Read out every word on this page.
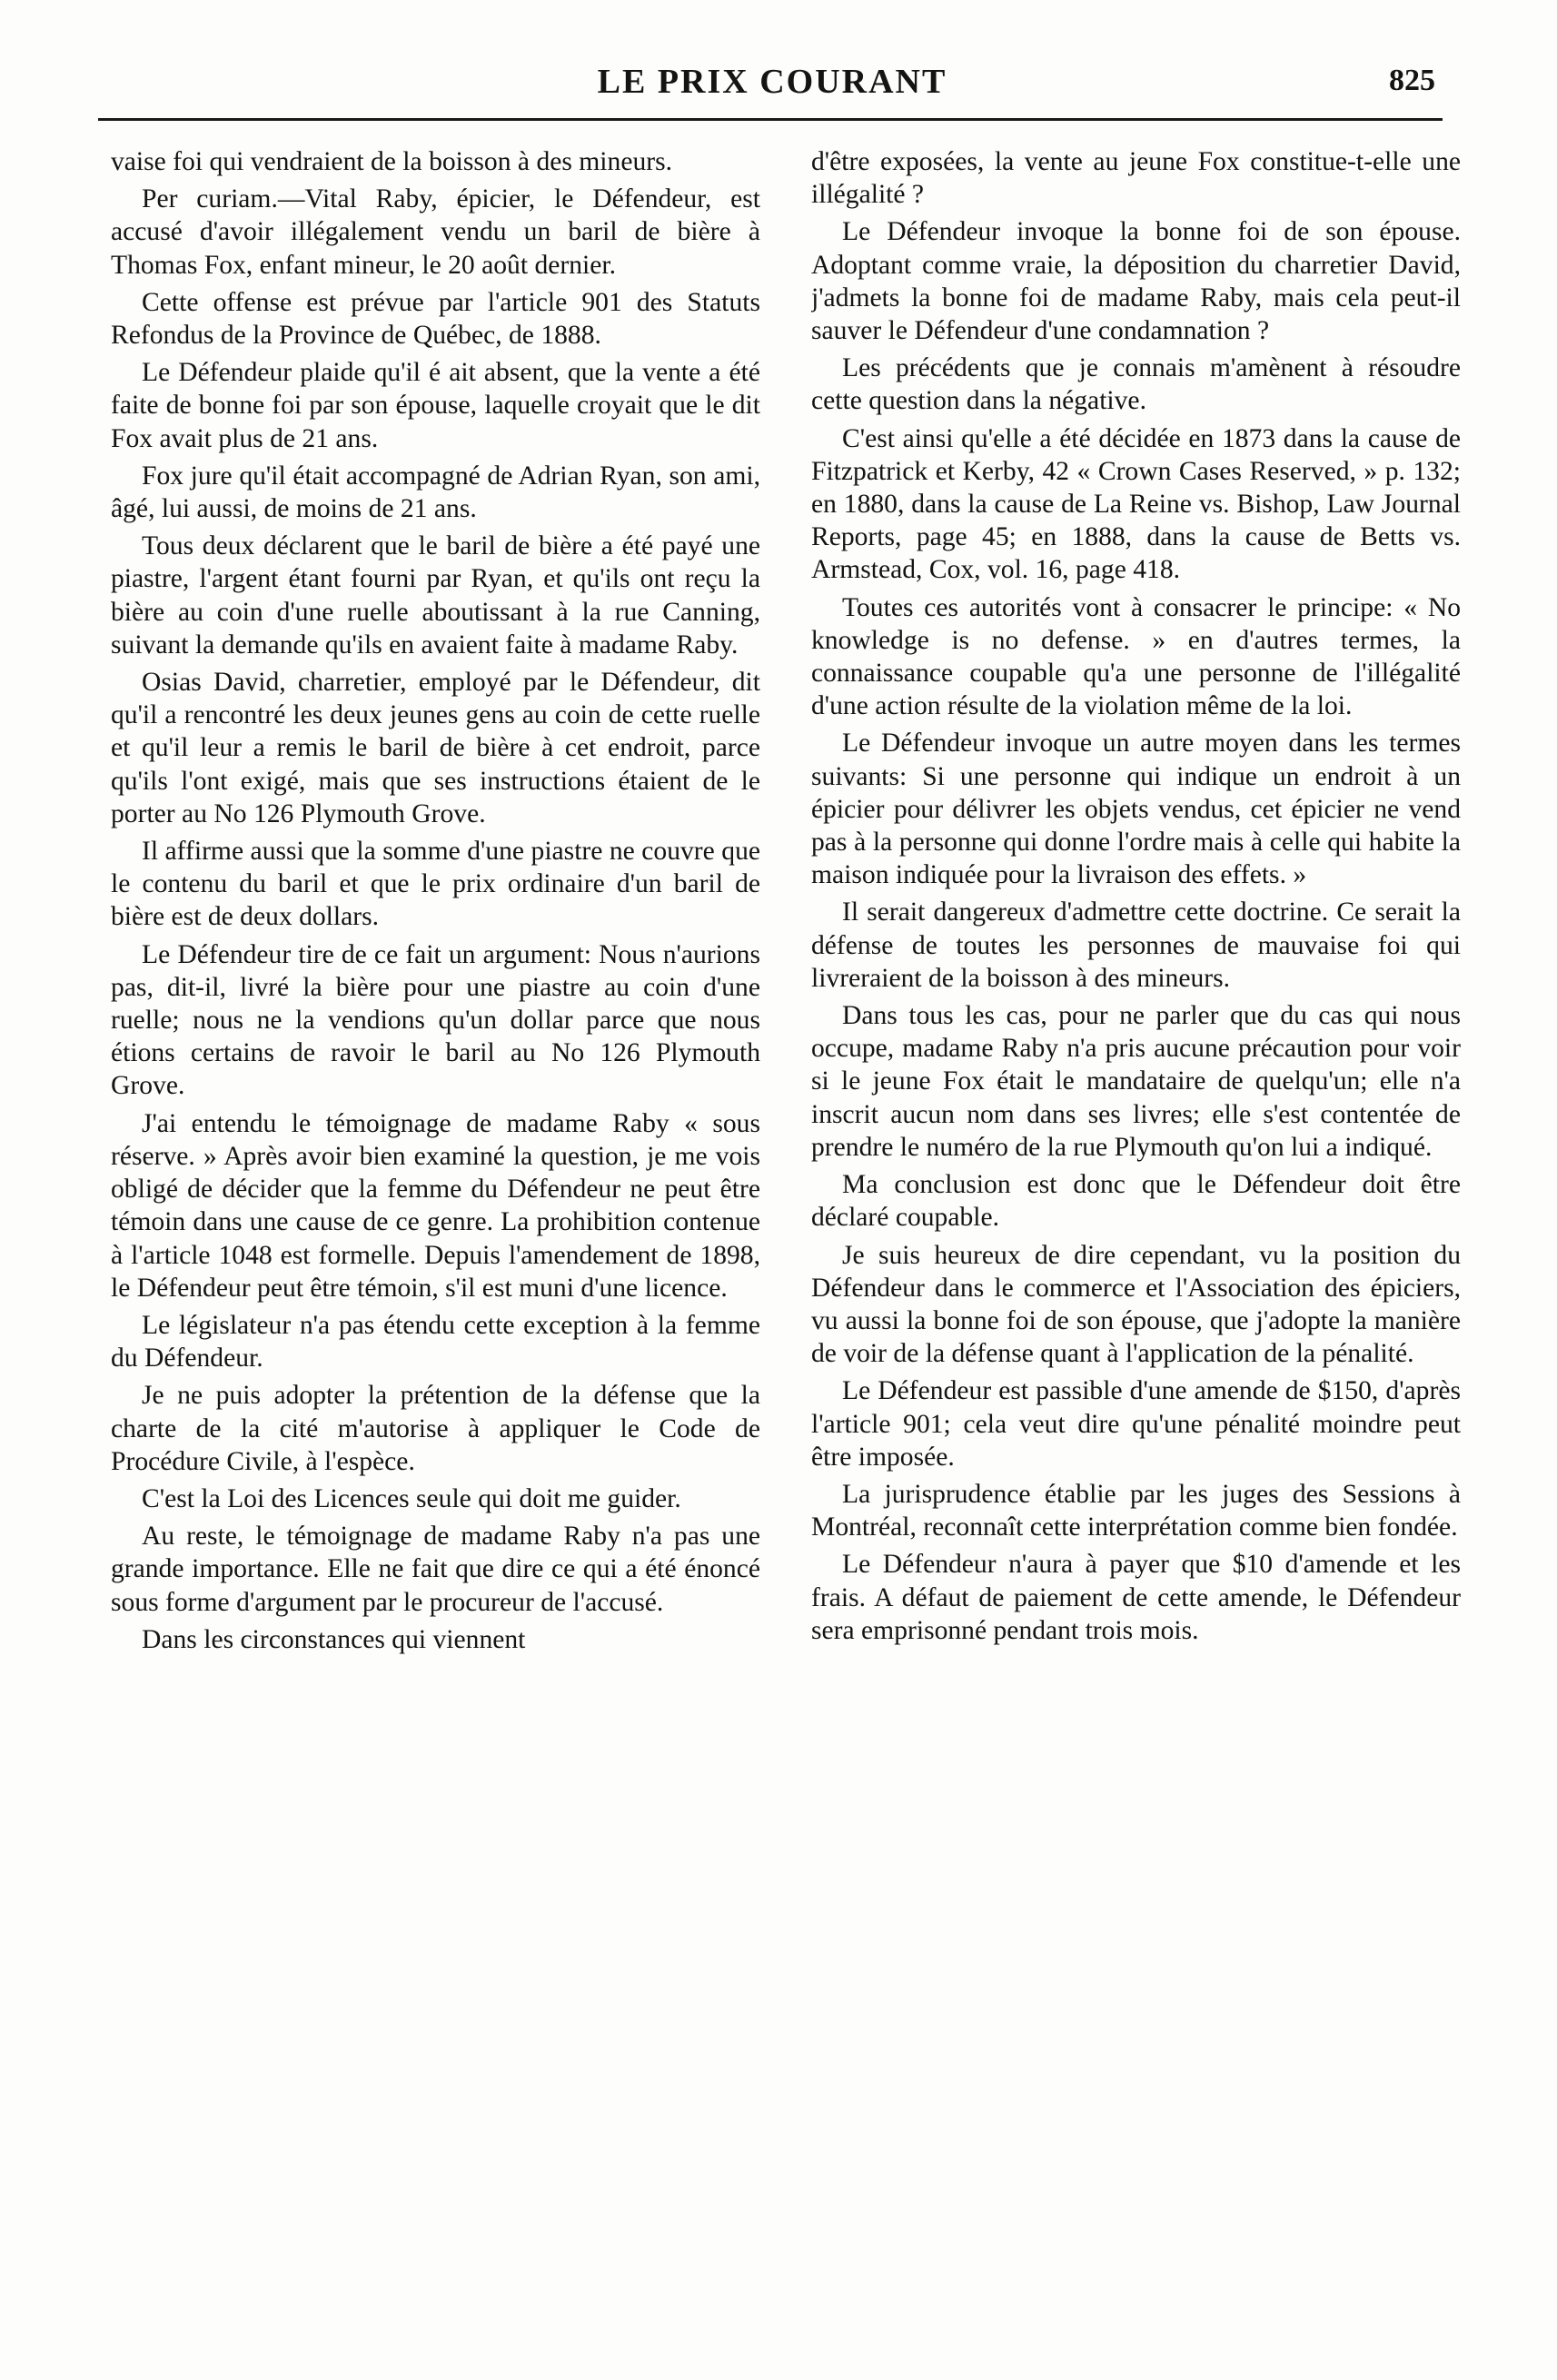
LE PRIX COURANT	825

vaise foi qui vendraient de la boisson à des mineurs.

Per curiam.—Vital Raby, épicier, le Défendeur, est accusé d'avoir illégalement vendu un baril de bière à Thomas Fox, enfant mineur, le 20 août dernier.

Cette offense est prévue par l'article 901 des Statuts Refondus de la Province de Québec, de 1888.

Le Défendeur plaide qu'il é ait absent, que la vente a été faite de bonne foi par son épouse, laquelle croyait que le dit Fox avait plus de 21 ans.

Fox jure qu'il était accompagné de Adrian Ryan, son ami, âgé, lui aussi, de moins de 21 ans.

Tous deux déclarent que le baril de bière a été payé une piastre, l'argent étant fourni par Ryan, et qu'ils ont reçu la bière au coin d'une ruelle aboutissant à la rue Canning, suivant la demande qu'ils en avaient faite à madame Raby.

Osias David, charretier, employé par le Défendeur, dit qu'il a rencontré les deux jeunes gens au coin de cette ruelle et qu'il leur a remis le baril de bière à cet endroit, parce qu'ils l'ont exigé, mais que ses instructions étaient de le porter au No 126 Plymouth Grove.

Il affirme aussi que la somme d'une piastre ne couvre que le contenu du baril et que le prix ordinaire d'un baril de bière est de deux dollars.

Le Défendeur tire de ce fait un argument: Nous n'aurions pas, dit-il, livré la bière pour une piastre au coin d'une ruelle; nous ne la vendions qu'un dollar parce que nous étions certains de ravoir le baril au No 126 Plymouth Grove.

J'ai entendu le témoignage de madame Raby « sous réserve. » Après avoir bien examiné la question, je me vois obligé de décider que la femme du Défendeur ne peut être témoin dans une cause de ce genre. La prohibition contenue à l'article 1048 est formelle. Depuis l'amendement de 1898, le Défendeur peut être témoin, s'il est muni d'une licence.

Le législateur n'a pas étendu cette exception à la femme du Défendeur.

Je ne puis adopter la prétention de la défense que la charte de la cité m'autorise à appliquer le Code de Procédure Civile, à l'espèce.

C'est la Loi des Licences seule qui doit me guider.

Au reste, le témoignage de madame Raby n'a pas une grande importance. Elle ne fait que dire ce qui a été énoncé sous forme d'argument par le procureur de l'accusé.

Dans les circonstances qui viennent

d'être exposées, la vente au jeune Fox constitue-t-elle une illégalité ?

Le Défendeur invoque la bonne foi de son épouse. Adoptant comme vraie, la déposition du charretier David, j'admets la bonne foi de madame Raby, mais cela peut-il sauver le Défendeur d'une condamnation ?

Les précédents que je connais m'amènent à résoudre cette question dans la négative.

C'est ainsi qu'elle a été décidée en 1873 dans la cause de Fitzpatrick et Kerby, 42 « Crown Cases Reserved, » p. 132; en 1880, dans la cause de La Reine vs. Bishop, Law Journal Reports, page 45; en 1888, dans la cause de Betts vs. Armstead, Cox, vol. 16, page 418.

Toutes ces autorités vont à consacrer le principe: « No knowledge is no defense. » en d'autres termes, la connaissance coupable qu'a une personne de l'illégalité d'une action résulte de la violation même de la loi.

Le Défendeur invoque un autre moyen dans les termes suivants: Si une personne qui indique un endroit à un épicier pour délivrer les objets vendus, cet épicier ne vend pas à la personne qui donne l'ordre mais à celle qui habite la maison indiquée pour la livraison des effets. »

Il serait dangereux d'admettre cette doctrine. Ce serait la défense de toutes les personnes de mauvaise foi qui livreraient de la boisson à des mineurs.

Dans tous les cas, pour ne parler que du cas qui nous occupe, madame Raby n'a pris aucune précaution pour voir si le jeune Fox était le mandataire de quelqu'un; elle n'a inscrit aucun nom dans ses livres; elle s'est contentée de prendre le numéro de la rue Plymouth qu'on lui a indiqué.

Ma conclusion est donc que le Défendeur doit être déclaré coupable.

Je suis heureux de dire cependant, vu la position du Défendeur dans le commerce et l'Association des épiciers, vu aussi la bonne foi de son épouse, que j'adopte la manière de voir de la défense quant à l'application de la pénalité.

Le Défendeur est passible d'une amende de $150, d'après l'article 901; cela veut dire qu'une pénalité moindre peut être imposée.

La jurisprudence établie par les juges des Sessions à Montréal, reconnaît cette interprétation comme bien fondée.

Le Défendeur n'aura à payer que $10 d'amende et les frais. A défaut de paiement de cette amende, le Défendeur sera emprisonné pendant trois mois.
